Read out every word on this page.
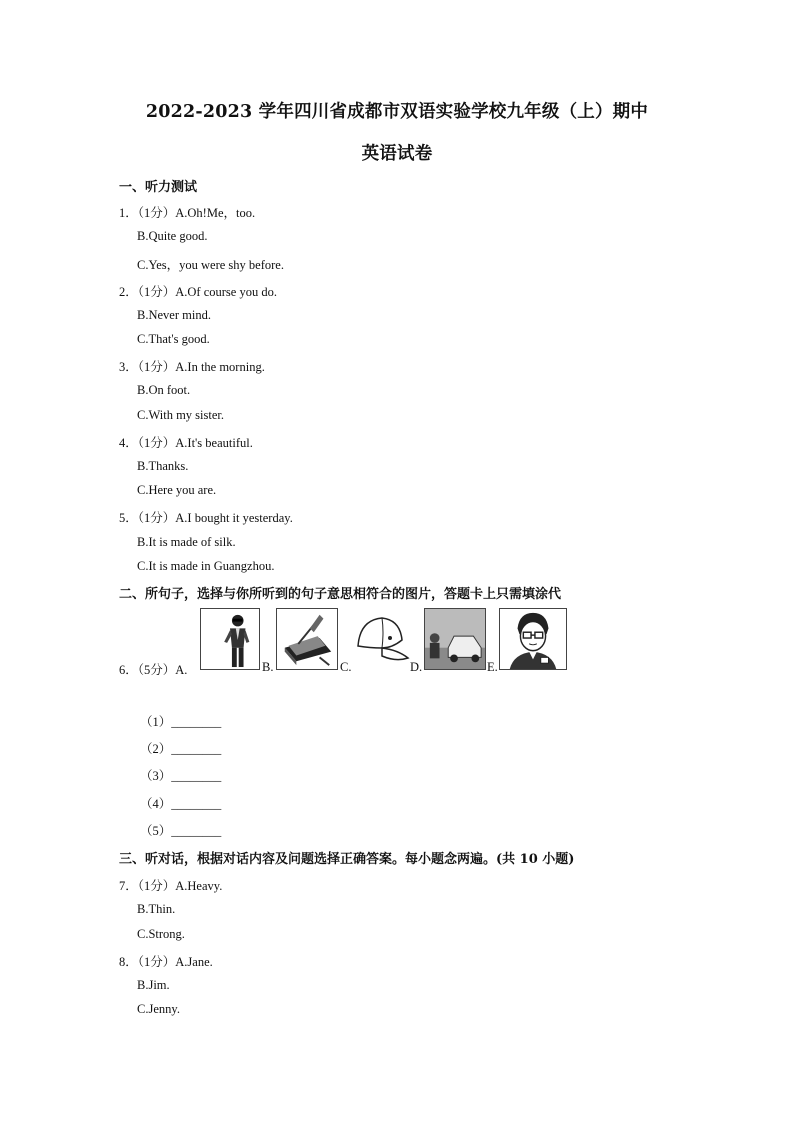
2022-2023 学年四川省成都市双语实验学校九年级（上）期中
英语试卷
一、听力测试
1．（1分）A.Oh!Me，too.
B.Quite good.
C.Yes，you were shy before.
2．（1分）A.Of course you do.
B.Never mind.
C.That's good.
3．（1分）A.In the morning.
B.On foot.
C.With my sister.
4．（1分）A.It's beautiful.
B.Thanks.
C.Here you are.
5．（1分）A.I bought it yesterday.
B.It is made of silk.
C.It is made in Guangzhou.
二、所句子，选择与你所听到的句子意思相符合的图片，答题卡上只需填涂代
6．（5分）A.	B.	C.	D.	E.
（1）________
（2）________
（3）________
（4）________
（5）________
三、听对话，根据对话内容及问题选择正确答案。每小题念两遍。(共 10 小题)
7．（1分）A.Heavy.
B.Thin.
C.Strong.
8．（1分）A.Jane.
B.Jim.
C.Jenny.
